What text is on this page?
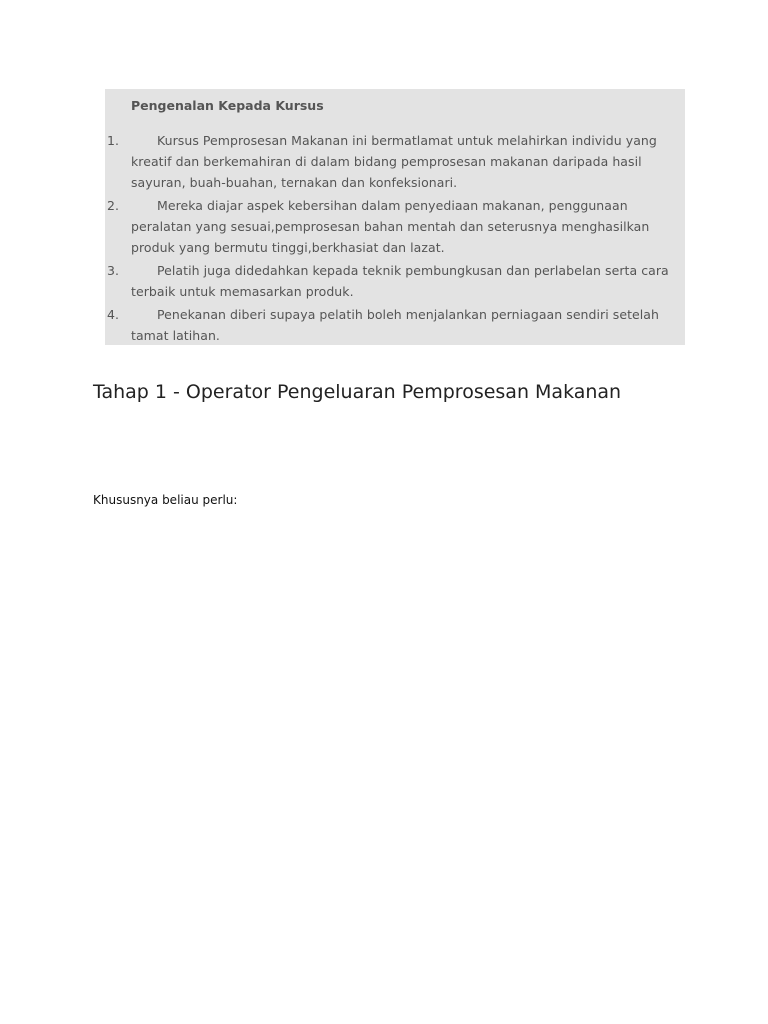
Pengenalan Kepada Kursus
1.	Kursus Pemprosesan Makanan ini bermatlamat untuk melahirkan individu yang kreatif dan berkemahiran di dalam bidang pemprosesan makanan daripada hasil sayuran, buah-buahan, ternakan dan konfeksionari.
2.	Mereka diajar aspek kebersihan dalam penyediaan makanan, penggunaan peralatan yang sesuai,pemprosesan bahan mentah dan seterusnya menghasilkan produk yang bermutu tinggi,berkhasiat dan lazat.
3.	Pelatih juga didedahkan kepada teknik pembungkusan dan perlabelan serta cara terbaik untuk memasarkan produk.
4.	Penekanan diberi supaya pelatih boleh menjalankan perniagaan sendiri setelah tamat latihan.
Tahap 1 - Operator Pengeluaran Pemprosesan Makanan

Khususnya beliau perlu:
